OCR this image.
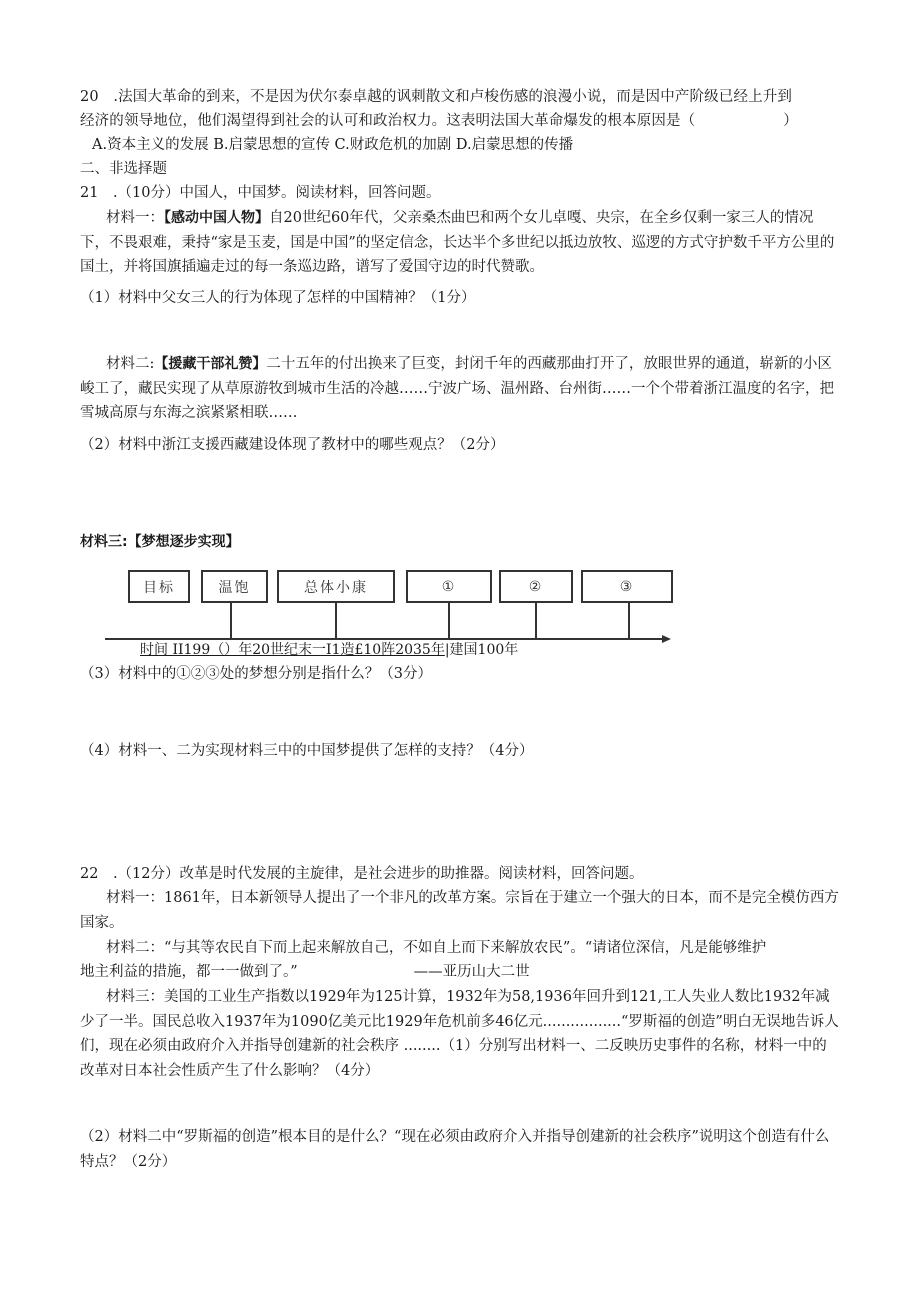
20　.法国大革命的到来，不是因为伏尔泰卓越的讽刺散文和卢梭伤感的浪漫小说，而是因中产阶级已经上升到

经济的领导地位，他们渴望得到社会的认可和政治权力。这表明法国大革命爆发的根本原因是（　　　　　　）

A.资本主义的发展 B.启蒙思想的宣传 C.财政危机的加剧 D.启蒙思想的传播

二、非选择题

21　.（10分）中国人，中国梦。阅读材料，回答问题。

材料一：【感动中国人物】自20世纪60年代，父亲桑杰曲巴和两个女儿卓嘎、央宗，在全乡仅剩一家三人的情况下，不畏艰难，秉持“家是玉麦，国是中国”的坚定信念，长达半个多世纪以抵边放牧、巡逻的方式守护数千平方公里的国土，并将国旗插遍走过的每一条巡边路，谱写了爱国守边的时代赞歌。

（1）材料中父女三人的行为体现了怎样的中国精神？（1分）

材料二:【援藏干部礼赞】二十五年的付出换来了巨变，封闭千年的西藏那曲打开了，放眼世界的通道，崭新的小区峻工了，藏民实现了从草原游牧到城市生活的冷越……宁波广场、温州路、台州街……一个个带着浙江温度的名字，把雪城高原与东海之滨紧紧相联……

（2）材料中浙江支援西藏建设体现了教材中的哪些观点？（2分）

材料三:【梦想逐步实现】
目标	温饱	总体小康	①	②	③
时间 II199（）年20世纪末一I1造£10阵2035年|建国100年

（3）材料中的①②③处的梦想分别是指什么？（3分）

（4）材料一、二为实现材料三中的中国梦提供了怎样的支持？（4分）

22　.（12分）改革是时代发展的主旋律，是社会进步的助推器。阅读材料，回答问题。

材料一：1861年，日本新领导人提出了一个非凡的改革方案。宗旨在于建立一个强大的日本，而不是完全模仿西方国家。

材料二：“与其等农民自下而上起来解放自己，不如自上而下来解放农民”。“请诸位深信，凡是能够维护

地主利益的措施，都一一做到了。”　　　　　　　　——亚历山大二世

材料三：美国的工业生产指数以1929年为125计算，1932年为58,1936年回升到121,工人失业人数比1932年减少了一半。国民总收入1937年为1090亿美元比1929年危机前多46亿元.................“罗斯福的创造”明白无误地告诉人们，现在必须由政府介入并指导创建新的社会秩序 ........（1）分别写出材料一、二反映历史事件的名称，材料一中的改革对日本社会性质产生了什么影响？（4分）

（2）材料二中“罗斯福的创造”根本目的是什么？“现在必须由政府介入并指导创建新的社会秩序”说明这个创造有什么特点？（2分）
